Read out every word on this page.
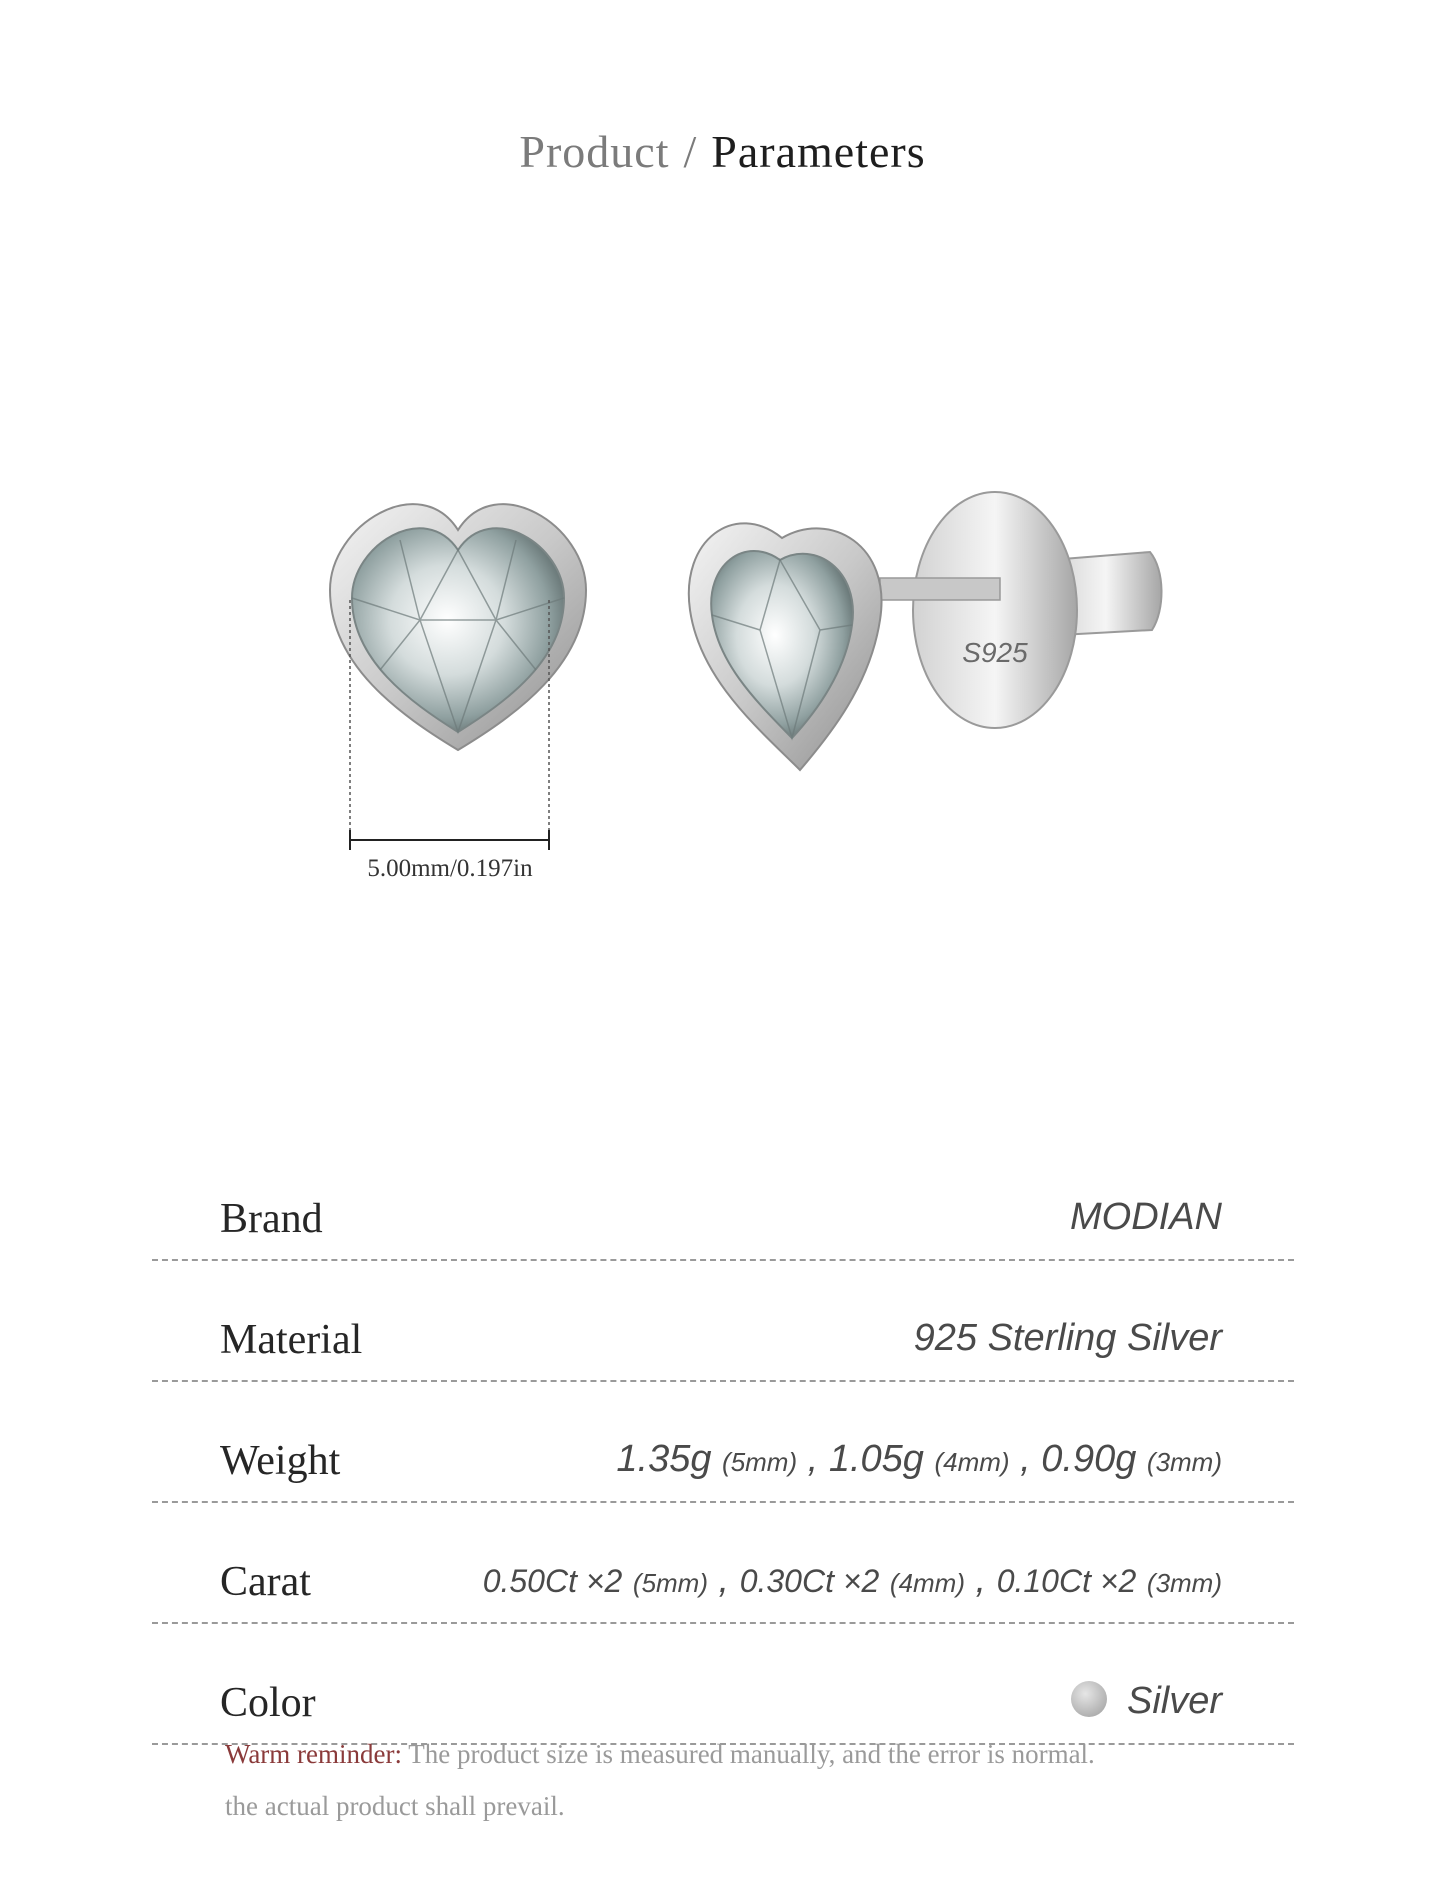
Product / Parameters
S925
5.00mm/0.197in
Brand	MODIAN
Material	925 Sterling Silver
Weight	1.35g (5mm) , 1.05g (4mm) , 0.90g (3mm)
Carat	0.50Ct ×2 (5mm) , 0.30Ct ×2 (4mm) , 0.10Ct ×2 (3mm)
Color	Silver
Warm reminder: The product size is measured manually, and the error is normal.
the actual product shall prevail.
